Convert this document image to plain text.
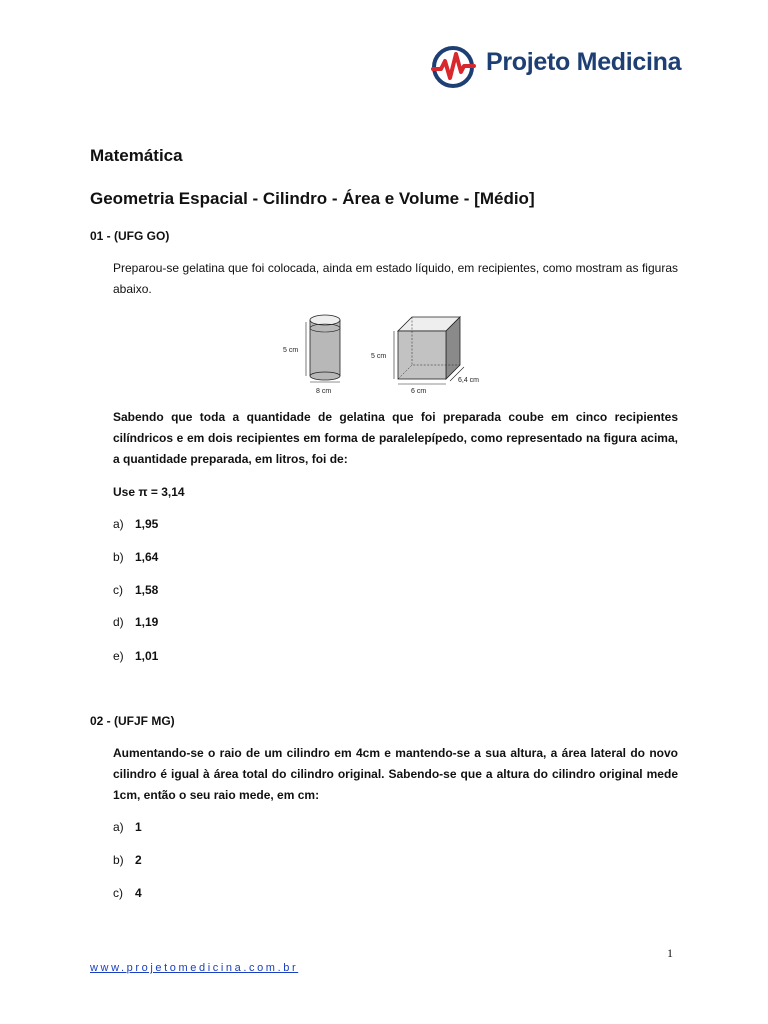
Projeto Medicina
Matemática
Geometria Espacial - Cilindro - Área e Volume - [Médio]
01 - (UFG GO)
Preparou-se gelatina que foi colocada, ainda em estado líquido, em recipientes, como mostram as figuras abaixo.
5 cm
8 cm
5 cm
6 cm
6,4 cm
Sabendo que toda a quantidade de gelatina que foi preparada coube em cinco recipientes cilíndricos e em dois recipientes em forma de paralelepípedo, como representado na figura acima, a quantidade preparada, em litros, foi de:
Use π = 3,14
a) 1,95
b) 1,64
c) 1,58
d) 1,19
e) 1,01
02 - (UFJF MG)
Aumentando-se o raio de um cilindro em 4cm e mantendo-se a sua altura, a área lateral do novo cilindro é igual à área total do cilindro original. Sabendo-se que a altura do cilindro original mede 1cm, então o seu raio mede, em cm:
a) 1
b) 2
c) 4
1
www.projetomedicina.com.br
